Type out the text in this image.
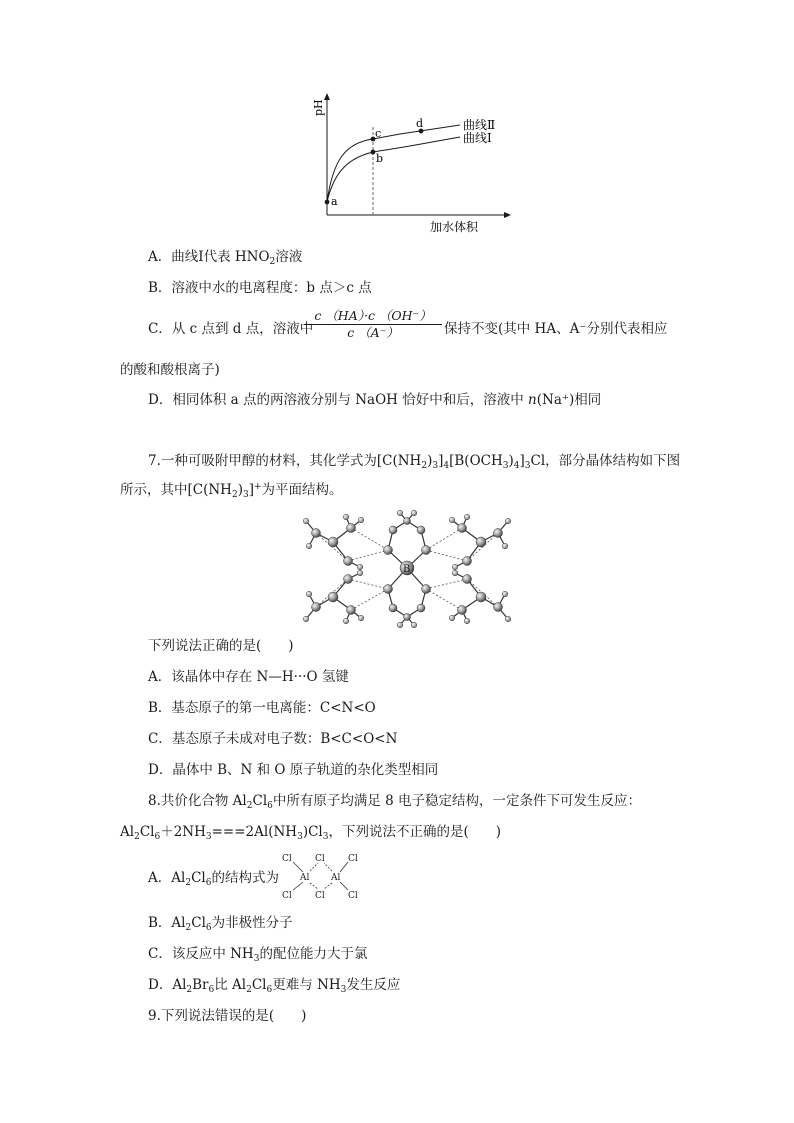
pH
加水体积
a
b
c
d	曲线Ⅱ
曲线Ⅰ
A．曲线Ⅰ代表 $HNO_2$溶液
B．溶液中水的电离程度：b 点＞c 点
C．从 c 点到 d 点，溶液中
c （HA）·c （OH⁻）
c （A⁻）	保持不变(其中 HA、A⁻分别代表相应
的酸和酸根离子)
D．相同体积 a 点的两溶液分别与 NaOH 恰好中和后，溶液中 n(Na⁺)相同
7.一种可吸附甲醇的材料，其化学式为$[C(NH_2)_3]_4[B(OCH_3)_4]_3Cl$，部分晶体结构如下图
所示，其中$[C(NH_2)_3]^+$为平面结构。
B
下列说法正确的是(　　)
A．该晶体中存在 N—H···O 氢键
B．基态原子的第一电离能：C<N<O
C．基态原子未成对电子数：B<C<O<N
D．晶体中 B、N 和 O 原子轨道的杂化类型相同
8.共价化合物 $Al_2Cl_6$中所有原子均满足 8 电子稳定结构，一定条件下可发生反应：
$Al_2Cl_6+2NH_3===2Al(NH_3)Cl_3$，下列说法不正确的是(　　)
A．$Al_2Cl_6$的结构式为
Cl	Cl	Cl
Al Al
Cl	Cl	Cl
B．$Al_2Cl_6$为非极性分子
C．该反应中 $NH_3$的配位能力大于氯
D．$Al_2Br_6$比 $Al_2Cl_6$更难与 $NH_3$发生反应
9.下列说法错误的是(　　)
